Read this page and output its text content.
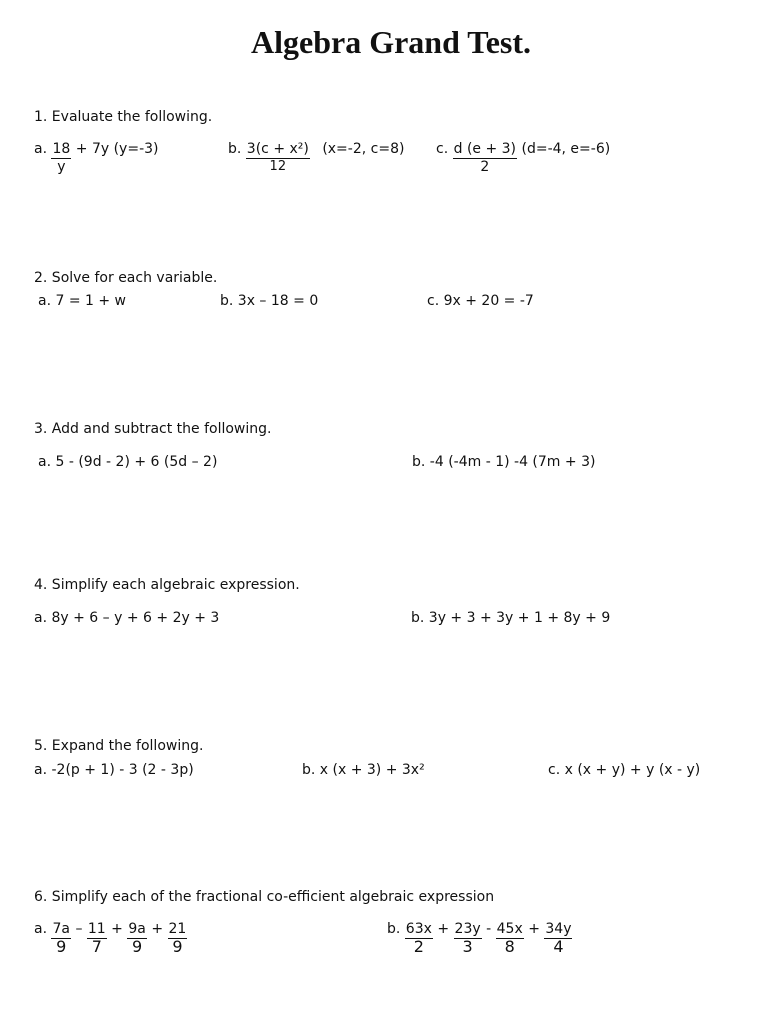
Algebra Grand Test.
1. Evaluate the following.
a. $\frac{18}{y} + 7y$ (y=-3)	b. $\frac{\text{3(c + x²)}}{12} (x=-2$, c=8) c. $\frac{d (e + 3)}{2} (d=-4$, e=-6)
2. Solve for each variable.
a. 7 = 1 + w	b. 3x – 18 = 0	c. 9x + 20 = -7
3. Add and subtract the following.
a. 5 - (9d - 2) + 6 (5d – 2)	b. -4 (-4m - 1) -4 (7m + 3)
4. Simplify each algebraic expression.
a. 8y + 6 – y + 6 + 2y + 3	b. 3y + 3 + 3y + 1 + 8y + 9
5. Expand the following.
a. -2(p + 1) - 3 (2 - 3p)	b. x (x + 3) + 3x²	c. x (x + y) + y (x - y)
6. Simplify each of the fractional co-efficient algebraic expression
a. $\frac{7a}{9} - \frac{11}{7} + \frac{9a}{9} + \frac{21}{9}$	b. $\frac{63x}{2} + \frac{23y}{3} - \frac{45x}{8} + \frac{34y}{4}$
